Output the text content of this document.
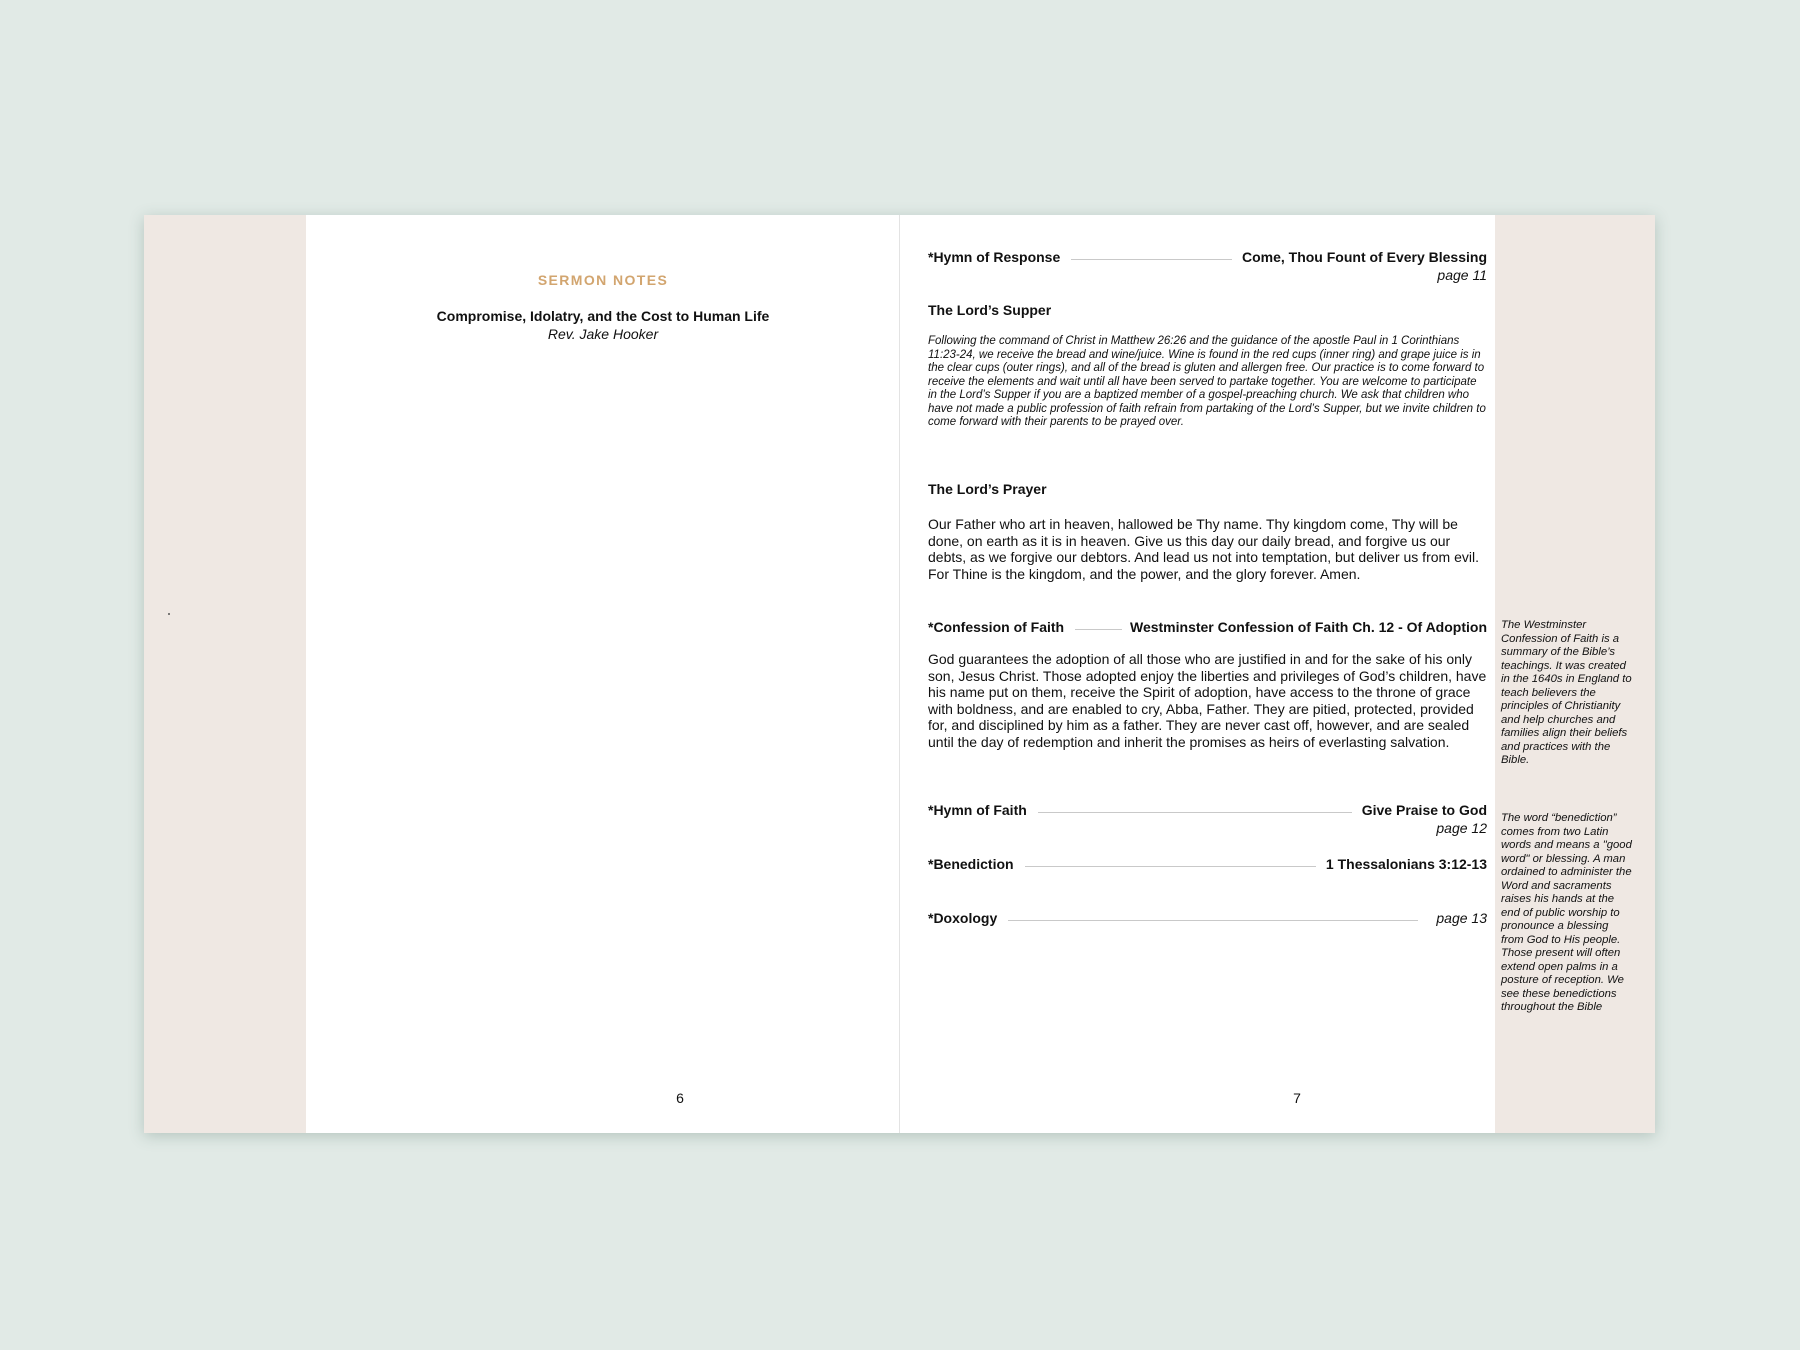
SERMON NOTES
Compromise, Idolatry, and the Cost to Human Life
Rev. Jake Hooker
6
*Hymn of Response	Come, Thou Fount of Every Blessing
page 11
The Lord’s Supper
Following the command of Christ in Matthew 26:26 and the guidance of the apostle Paul in 1 Corinthians 11:23-24, we receive the bread and wine/juice. Wine is found in the red cups (inner ring) and grape juice is in the clear cups (outer rings), and all of the bread is gluten and allergen free. Our practice is to come forward to receive the elements and wait until all have been served to partake together. You are welcome to participate in the Lord’s Supper if you are a baptized member of a gospel-preaching church. We ask that children who have not made a public profession of faith refrain from partaking of the Lord’s Supper, but we invite children to come forward with their parents to be prayed over.
The Lord’s Prayer
Our Father who art in heaven, hallowed be Thy name. Thy kingdom come, Thy will be done, on earth as it is in heaven. Give us this day our daily bread, and forgive us our debts, as we forgive our debtors. And lead us not into temptation, but deliver us from evil. For Thine is the kingdom, and the power, and the glory forever. Amen.
*Confession of Faith	Westminster Confession of Faith Ch. 12 - Of Adoption
God guarantees the adoption of all those who are justified in and for the sake of his only son, Jesus Christ. Those adopted enjoy the liberties and privileges of God’s children, have his name put on them, receive the Spirit of adoption, have access to the throne of grace with boldness, and are enabled to cry, Abba, Father. They are pitied, protected, provided for, and disciplined by him as a father. They are never cast off, however, and are sealed until the day of redemption and inherit the promises as heirs of everlasting salvation.
*Hymn of Faith	Give Praise to God
page 12
*Benediction	1 Thessalonians 3:12-13
*Doxology	page 13
7
The Westminster Confession of Faith is a summary of the Bible’s teachings. It was created in the 1640s in England to teach believers the principles of Christianity and help churches and families align their beliefs and practices with the Bible.
The word “benediction” comes from two Latin words and means a "good word" or blessing. A man ordained to administer the Word and sacraments raises his hands at the end of public worship to pronounce a blessing from God to His people. Those present will often extend open palms in a posture of reception. We see these benedictions throughout the Bible
